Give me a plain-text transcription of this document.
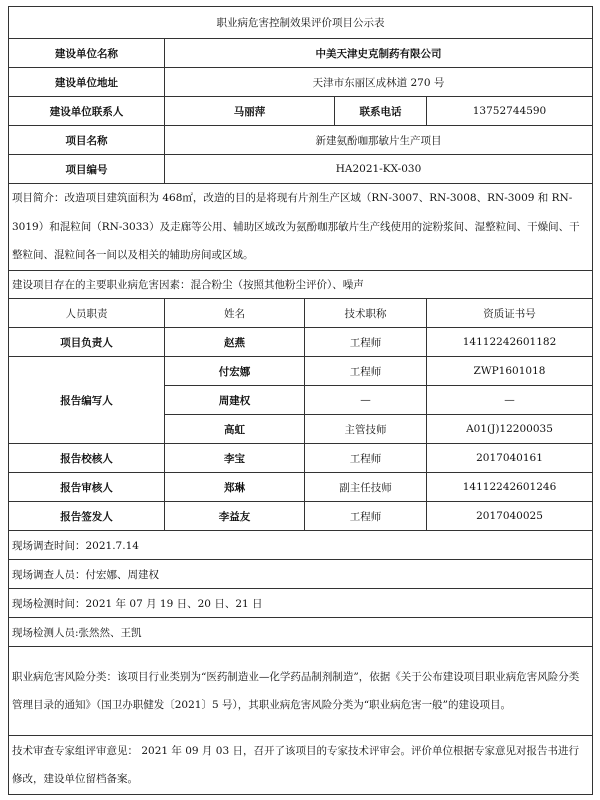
职业病危害控制效果评价项目公示表				
建设单位名称	中美天津史克制药有限公司			
建设单位地址	天津市东丽区成林道 270 号			
建设单位联系人	马丽萍		联系电话	13752744590
项目名称	新建氨酚咖那敏片生产项目			
项目编号	HA2021-KX-030			
项目简介：改造项目建筑面积为 468㎡，改造的目的是将现有片剂生产区域（RN-3007、RN-3008、RN-3009 和 RN-3019）和混粒间（RN-3033）及走廊等公用、辅助区域改为氨酚咖那敏片生产线使用的淀粉浆间、湿整粒间、干燥间、干整粒间、混粒间各一间以及相关的辅助房间或区域。				
建设项目存在的主要职业病危害因素：混合粉尘（按照其他粉尘评价）、噪声				
人员职责	姓名	技术职称		资质证书号
项目负责人	赵燕	工程师		14112242601182
报告编写人	付宏娜	工程师		ZWP1601018
	周建权	—		—
	高虹	主管技师		A01(J)12200035
报告校核人	李宝	工程师		2017040161
报告审核人	郑琳	副主任技师		14112242601246
报告签发人	李益友	工程师		2017040025
现场调查时间：2021.7.14				
现场调查人员：付宏娜、周建权				
现场检测时间：2021 年 07 月 19 日、20 日、21 日				
现场检测人员:张然然、王凯				
职业病危害风险分类：该项目行业类别为“医药制造业—化学药品制剂制造”，依据《关于公布建设项目职业病危害风险分类管理目录的通知》（国卫办职健发〔2021〕5 号），其职业病危害风险分类为“职业病危害一般”的建设项目。				
技术审查专家组评审意见： 2021 年 09 月 03 日，召开了该项目的专家技术评审会。评价单位根据专家意见对报告书进行修改，建设单位留档备案。				
